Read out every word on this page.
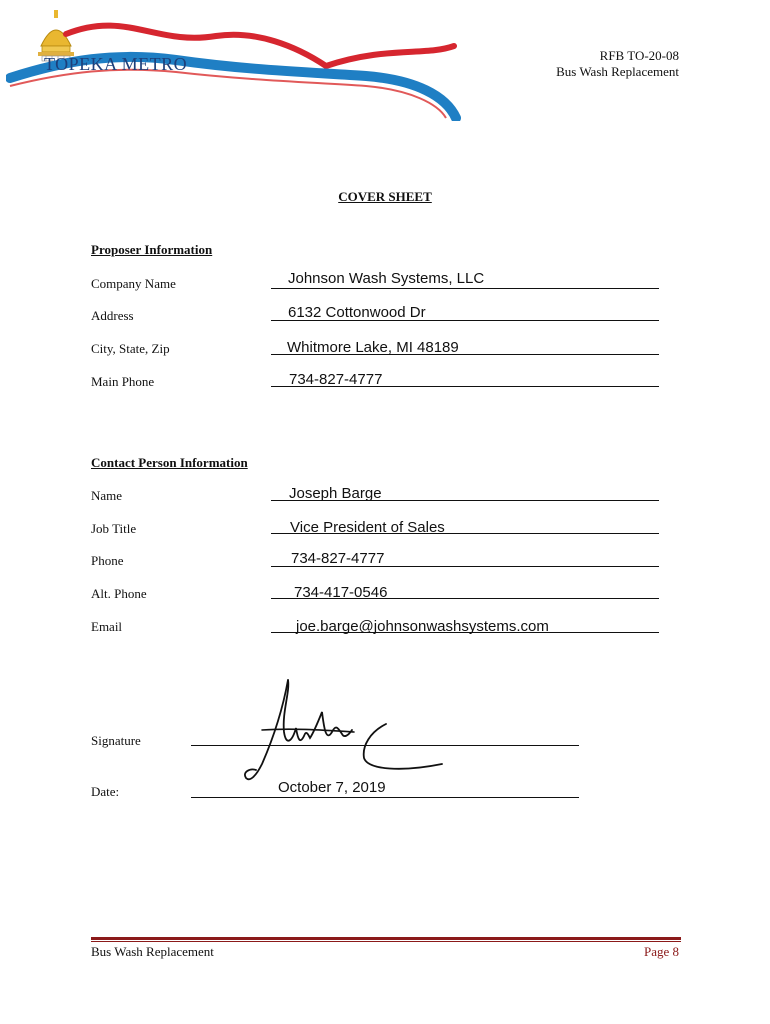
TOPEKA METRO	RFB TO-20-08
Bus Wash Replacement
COVER SHEET
Proposer Information
Company Name	Johnson Wash Systems, LLC
Address	6132 Cottonwood Dr
City, State, Zip	Whitmore Lake, MI 48189
Main Phone	734-827-4777
Contact Person Information
Name	Joseph Barge
Job Title	Vice President of Sales
Phone	734-827-4777
Alt. Phone	734-417-0546
Email	joe.barge@johnsonwashsystems.com
Signature
Date:	October 7, 2019
Bus Wash Replacement	Page 8
